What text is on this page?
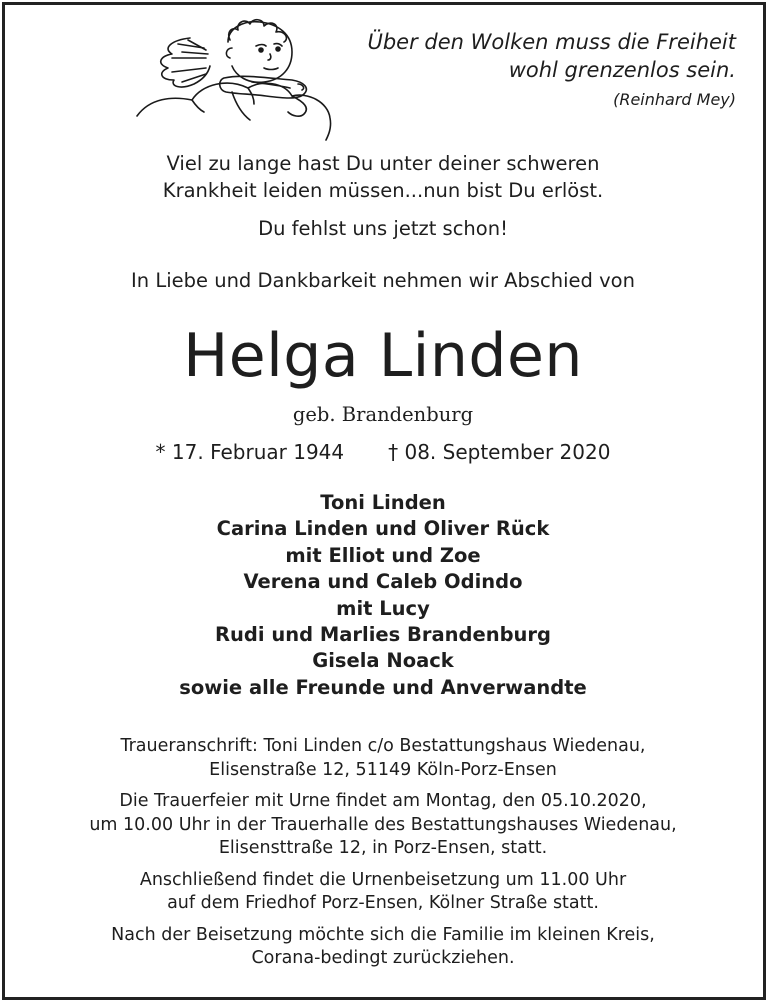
Über den Wolken muss die Freiheit
wohl grenzenlos sein.
(Reinhard Mey)
Viel zu lange hast Du unter deiner schweren
Krankheit leiden müssen...nun bist Du erlöst.
Du fehlst uns jetzt schon!
In Liebe und Dankbarkeit nehmen wir Abschied von
Helga Linden
geb. Brandenburg
* 17. Februar 1944 † 08. September 2020
Toni Linden
Carina Linden und Oliver Rück
mit Elliot und Zoe
Verena und Caleb Odindo
mit Lucy
Rudi und Marlies Brandenburg
Gisela Noack
sowie alle Freunde und Anverwandte

Traueranschrift: Toni Linden c/o Bestattungshaus Wiedenau,
Elisenstraße 12, 51149 Köln-Porz-Ensen

Die Trauerfeier mit Urne findet am Montag, den 05.10.2020,
um 10.00 Uhr in der Trauerhalle des Bestattungshauses Wiedenau,
Elisensttraße 12, in Porz-Ensen, statt.

Anschließend findet die Urnenbeisetzung um 11.00 Uhr
auf dem Friedhof Porz-Ensen, Kölner Straße statt.

Nach der Beisetzung möchte sich die Familie im kleinen Kreis,
Corana-bedingt zurückziehen.
